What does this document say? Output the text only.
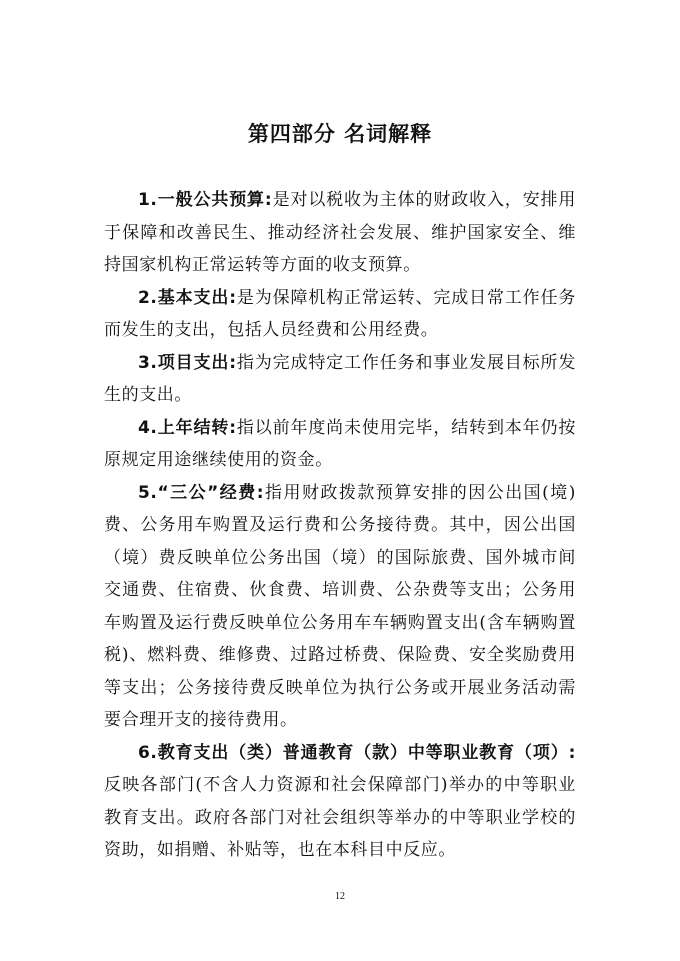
第四部分 名词解释

1.一般公共预算:是对以税收为主体的财政收入，安排用于保障和改善民生、推动经济社会发展、维护国家安全、维持国家机构正常运转等方面的收支预算。

2.基本支出:是为保障机构正常运转、完成日常工作任务而发生的支出，包括人员经费和公用经费。

3.项目支出:指为完成特定工作任务和事业发展目标所发生的支出。

4.上年结转:指以前年度尚未使用完毕，结转到本年仍按原规定用途继续使用的资金。

5.“三公”经费:指用财政拨款预算安排的因公出国(境)费、公务用车购置及运行费和公务接待费。其中，因公出国（境）费反映单位公务出国（境）的国际旅费、国外城市间交通费、住宿费、伙食费、培训费、公杂费等支出；公务用车购置及运行费反映单位公务用车车辆购置支出(含车辆购置税)、燃料费、维修费、过路过桥费、保险费、安全奖励费用等支出；公务接待费反映单位为执行公务或开展业务活动需要合理开支的接待费用。

6.教育支出（类）普通教育（款）中等职业教育（项）:反映各部门(不含人力资源和社会保障部门)举办的中等职业教育支出。政府各部门对社会组织等举办的中等职业学校的资助，如捐赠、补贴等，也在本科目中反应。

12
